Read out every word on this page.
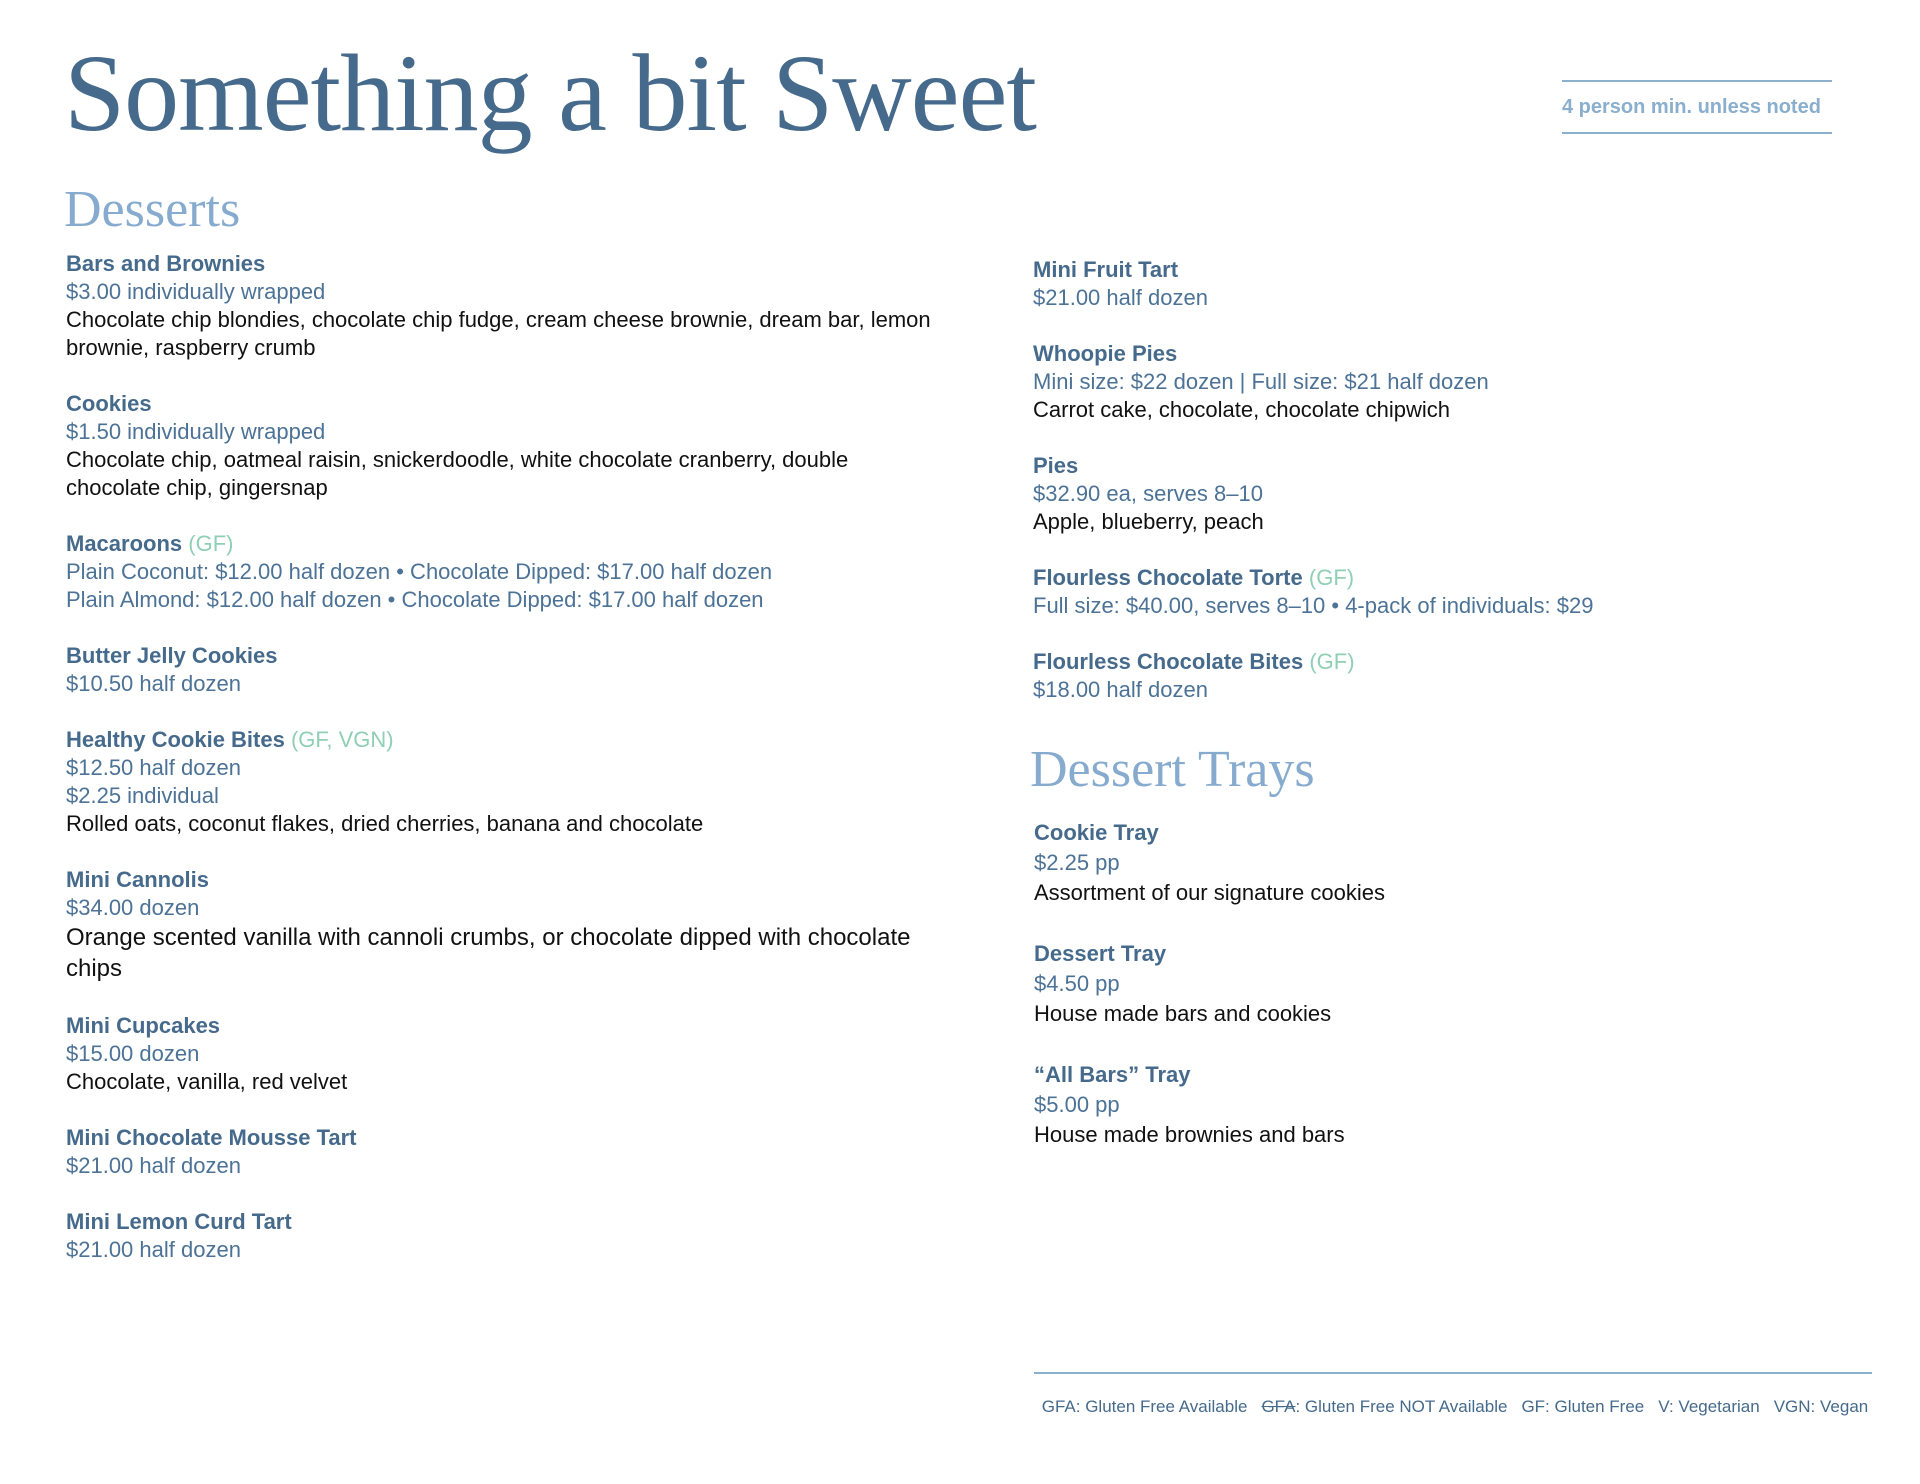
Something a bit Sweet	4 person min. unless noted
Desserts
Bars and Brownies
$3.00 individually wrapped
Chocolate chip blondies, chocolate chip fudge, cream cheese brownie, dream bar, lemon brownie, raspberry crumb
Cookies
$1.50 individually wrapped
Chocolate chip, oatmeal raisin, snickerdoodle, white chocolate cranberry, double chocolate chip, gingersnap
Macaroons (GF)
Plain Coconut: $12.00 half dozen • Chocolate Dipped: $17.00 half dozen
Plain Almond: $12.00 half dozen • Chocolate Dipped: $17.00 half dozen
Butter Jelly Cookies
$10.50 half dozen
Healthy Cookie Bites (GF, VGN)
$12.50 half dozen
$2.25 individual
Rolled oats, coconut flakes, dried cherries, banana and chocolate
Mini Cannolis
$34.00 dozen
Orange scented vanilla with cannoli crumbs, or chocolate dipped with chocolate chips
Mini Cupcakes
$15.00 dozen
Chocolate, vanilla, red velvet
Mini Chocolate Mousse Tart
$21.00 half dozen
Mini Lemon Curd Tart
$21.00 half dozen
Mini Fruit Tart
$21.00 half dozen
Whoopie Pies
Mini size: $22 dozen | Full size: $21 half dozen
Carrot cake, chocolate, chocolate chipwich
Pies
$32.90 ea, serves 8–10
Apple, blueberry, peach
Flourless Chocolate Torte (GF)
Full size: $40.00, serves 8–10 • 4-pack of individuals: $29
Flourless Chocolate Bites (GF)
$18.00 half dozen
Dessert Trays
Cookie Tray
$2.25 pp
Assortment of our signature cookies
Dessert Tray
$4.50 pp
House made bars and cookies
“All Bars” Tray
$5.00 pp
House made brownies and bars
GFA: Gluten Free Available GFA: Gluten Free NOT Available GF: Gluten Free V: Vegetarian VGN: Vegan
